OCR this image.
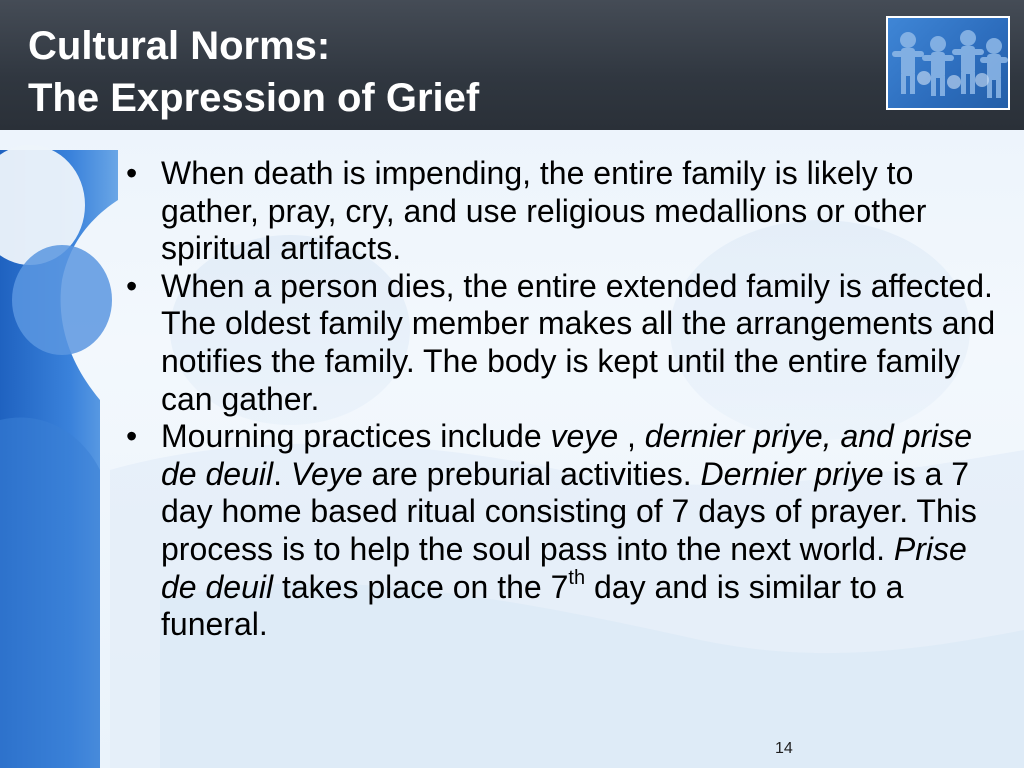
Cultural Norms:
The Expression of Grief
• When death is impending, the entire family is likely to gather, pray, cry, and use religious medallions or other spiritual artifacts.
• When a person dies, the entire extended family is affected. The oldest family member makes all the arrangements and notifies the family. The body is kept until the entire family can gather.
• Mourning practices include veye , dernier priye, and prise de deuil. Veye are preburial activities. Dernier priye is a 7 day home based ritual consisting of 7 days of prayer. This process is to help the soul pass into the next world. Prise de deuil takes place on the 7th day and is similar to a funeral.
14
